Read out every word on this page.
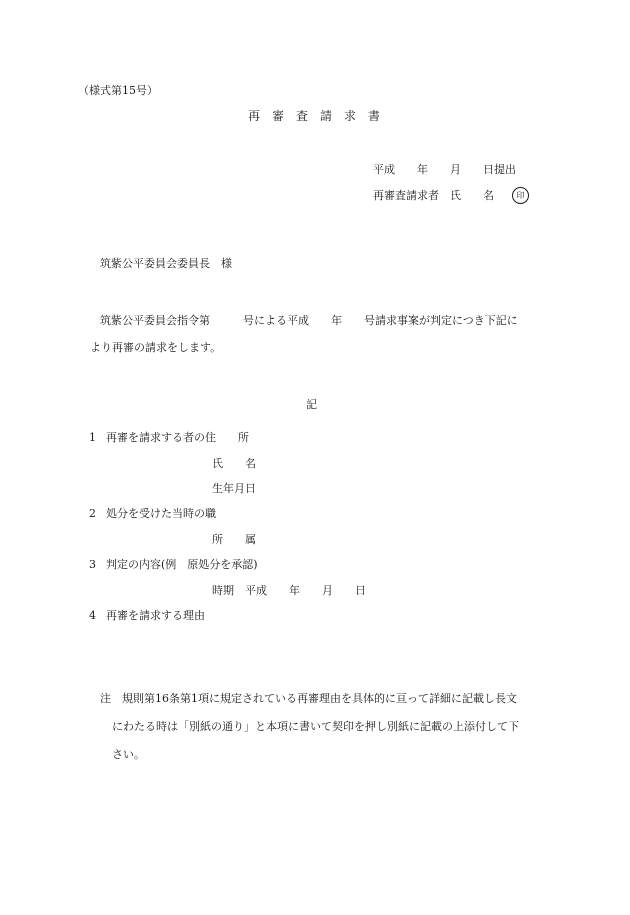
（様式第15号）
再　審　査　請　求　書
平成　　年　　月　　日提出
再審査請求者　氏　　名	印
筑紫公平委員会委員長　様
筑紫公平委員会指令第　　　号による平成　　年　　号請求事案が判定につき下記に
より再審の請求をします。
記
1 再審を請求する者の住　　所
氏　　名
生年月日
2 処分を受けた当時の職
所　　属
3 判定の内容(例　原処分を承認)
時期　平成　　年　　月　　日
4 再審を請求する理由
注　規則第16条第1項に規定されている再審理由を具体的に亘って詳細に記載し長文
にわたる時は「別紙の通り」と本項に書いて契印を押し別紙に記載の上添付して下
さい。
